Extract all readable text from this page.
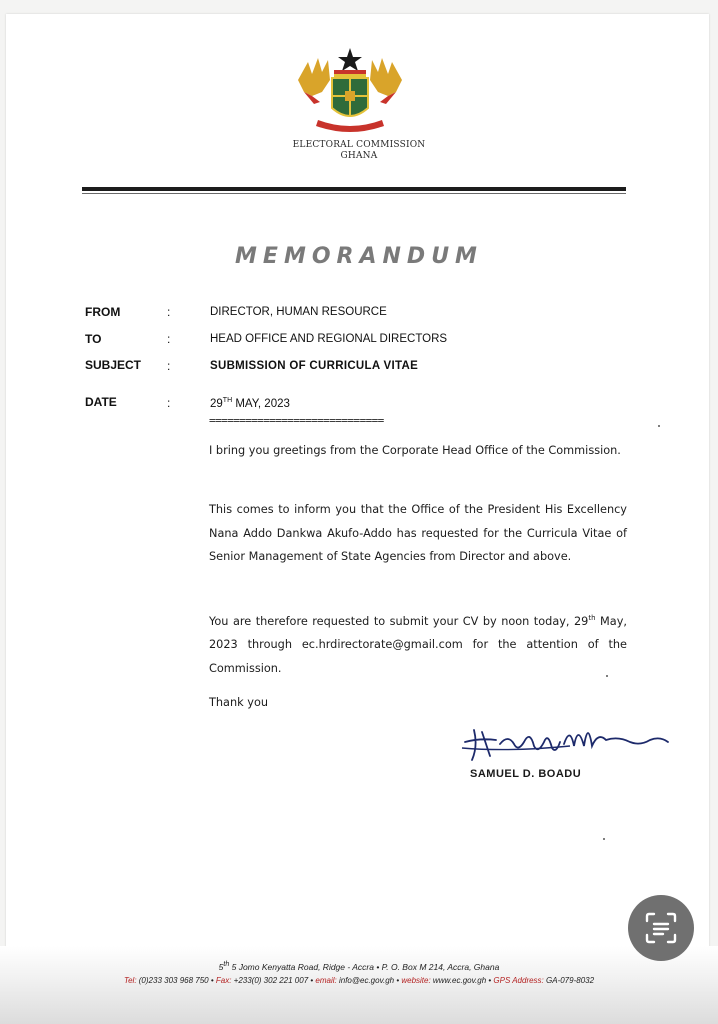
ELECTORAL COMMISSION
GHANA
MEMORANDUM
FROM	:	DIRECTOR, HUMAN RESOURCE
TO	:	HEAD OFFICE AND REGIONAL DIRECTORS
SUBJECT :	SUBMISSION OF CURRICULA VITAE
DATE	:	29TH MAY, 2023
=============================
I bring you greetings from the Corporate Head Office of the Commission.
This comes to inform you that the Office of the President His Excellency Nana Addo Dankwa Akufo-Addo has requested for the Curricula Vitae of Senior Management of State Agencies from Director and above.
You are therefore requested to submit your CV by noon today, 29th May, 2023 through ec.hrdirectorate@gmail.com for the attention of the Commission.
Thank you
SAMUEL D. BOADU
5th 5 Jomo Kenyatta Road, Ridge - Accra • P. O. Box M 214, Accra, Ghana
Tel: (0)233 303 968 750 • Fax: +233(0) 302 221 007 • email: info@ec.gov.gh • website: www.ec.gov.gh • GPS Address: GA-079-8032
